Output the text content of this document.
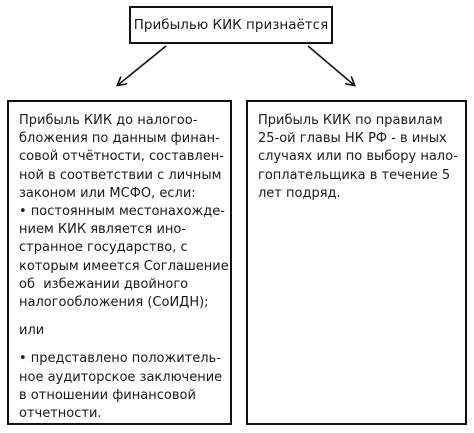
Прибылью КИК признаётся
Прибыль КИК до налогоо-
бложения по данным финан-
совой отчётности, составлен-
ной в соответствии с личным
законом или МСФО, если:
• постоянным местонахожде-
нием КИК является ино-
странное государство, с
которым имеется Соглашение
об  избежании двойного
налогообложения (СоИДН);
или
• представлено положитель-
ное аудиторское заключение
в отношении финансовой
отчетности.
Прибыль КИК по правилам
25-ой главы НК РФ - в иных
случаях или по выбору нало-
гоплательщика в течение 5
лет подряд.
